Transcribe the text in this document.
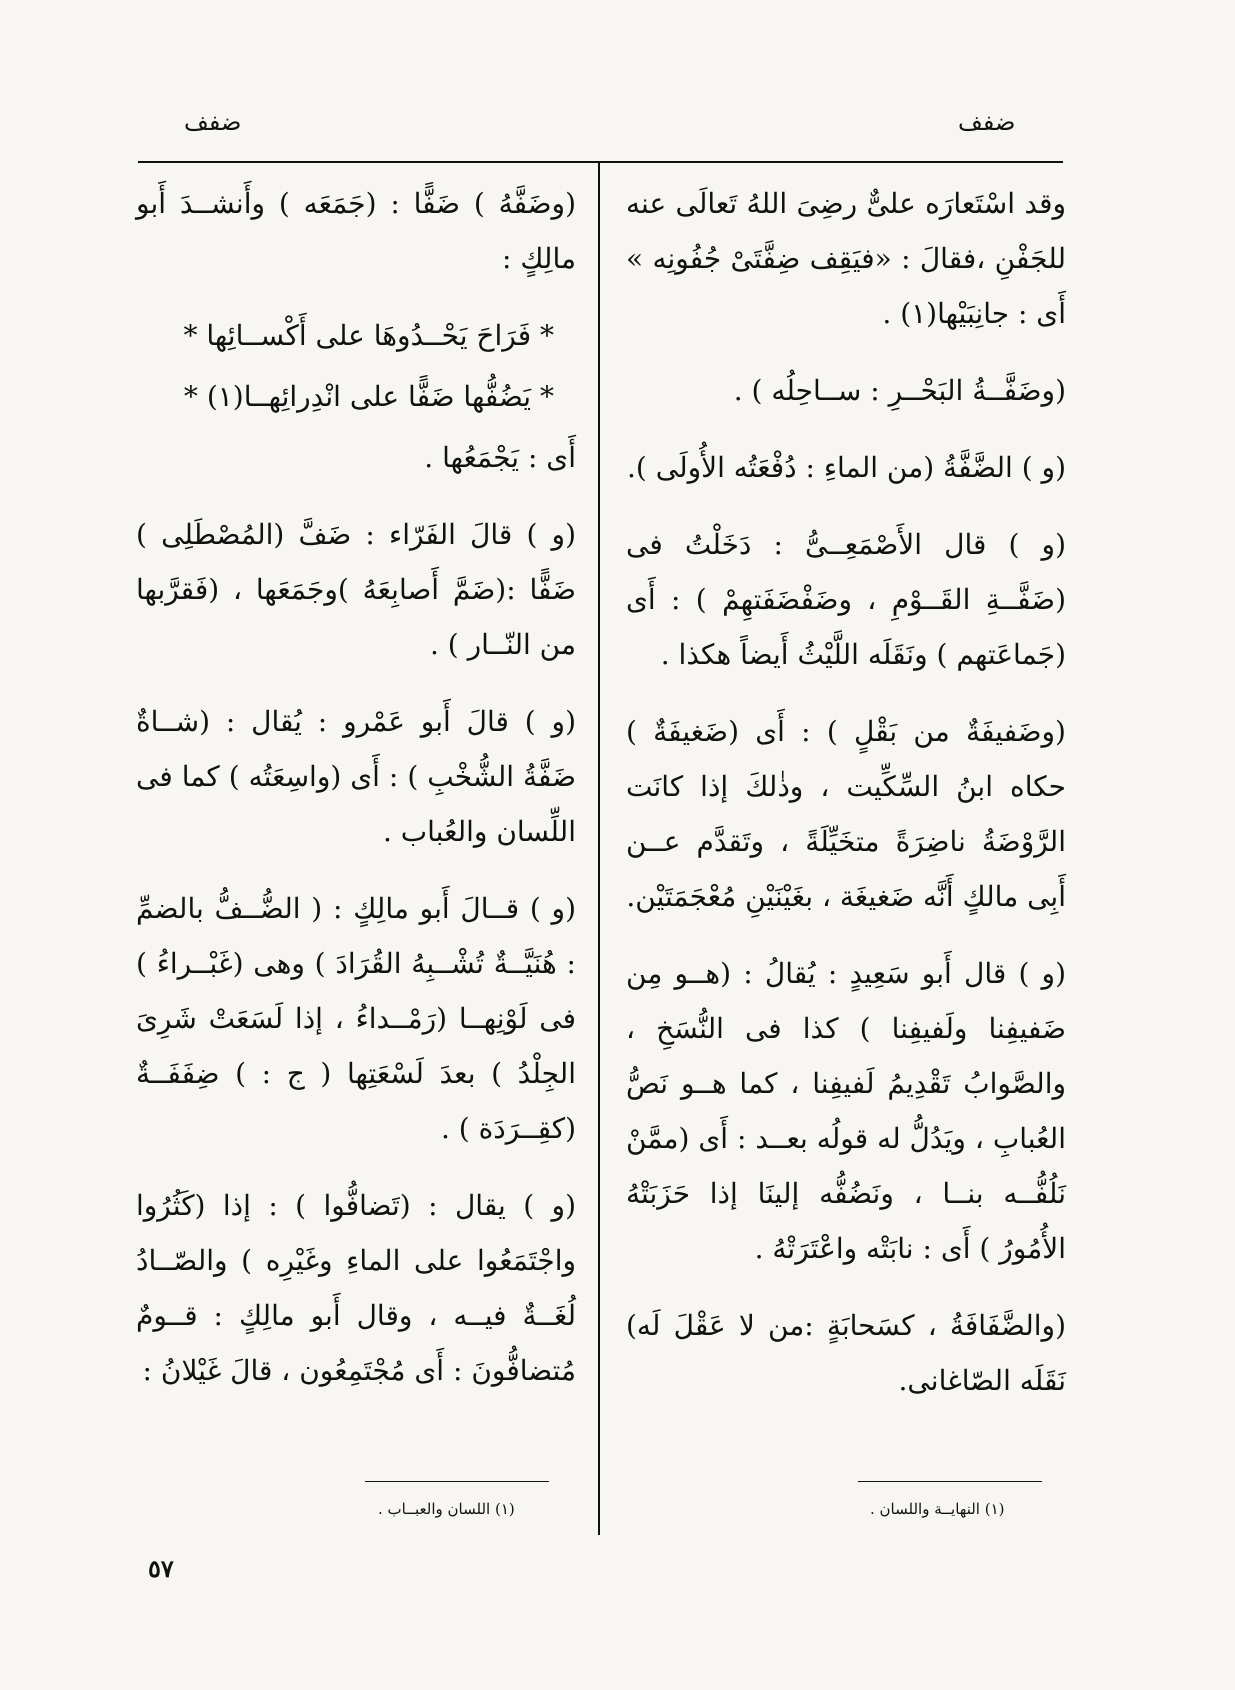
ضفف
ضفف

وقد اسْتَعارَه علىٌّ رضِىَ اللهُ تَعالَى عنه للجَفْنِ ،فقالَ : «فيَقِف ضِفَّتَىْ جُفُونِه » أَى : جانِبَيْها(١) .

(وضَفَّــةُ البَحْــرِ : ســاحِلُه ) .

(و ) الضَّفَّةُ (من الماءِ : دُفْعَتُه الأُولَى ).

(و ) قال الأَصْمَعِــىُّ : دَخَلْتُ فى (ضَفَّــةِ القَــوْمِ ، وضَفْضَفَتهِمْ ) : أَى (جَماعَتهم ) ونَقَلَه اللَّيْثُ أَيضاً هكذا .

(وضَفيفَةٌ من بَقْلٍ ) : أَى (ضَغيفَةٌ ) حكاه ابنُ السِّكِّيت ، وذٰلكَ إذا كانَت الرَّوْضَةُ ناضِرَةً متخَيِّلَةً ، وتَقدَّم عــن أَبِى مالكٍ أَنَّه ضَغيغَة ، بغَيْنَيْنِ مُعْجَمَتَيْن.

(و ) قال أَبو سَعِيدٍ : يُقالُ : (هــو مِن ضَفيفِنا ولَفيفِنا ) كذا فى النُّسَخِ ، والصَّوابُ تَقْدِيمُ لَفيفِنا ، كما هــو نَصُّ العُبابِ ، ويَدُلُّ له قولُه بعــد : أَى (ممَّنْ نَلُفُّــه بنــا ، ونَضُفُّه إلينَا إذا حَزَبَتْهُ الأُمُورُ ) أَى : نابَتْه واعْتَرَتْهُ .

(والضَّفَافَةُ ، كسَحابَةٍ :من لا عَقْلَ لَه) نَقَلَه الصّاغانى.

(وضَفَّهُ ) ضَفًّا : (جَمَعَه ) وأَنشــدَ أَبو مالِكٍ :

* فَرَاحَ يَحْــدُوهَا على أَكْســائِها *

* يَضُفُّها ضَفًّا على انْدِرائِهــا(١) *

أَى : يَجْمَعُها .

(و ) قالَ الفَرّاء : ضَفَّ (المُصْطَلِى ) ضَفًّا :(ضَمَّ أَصابِعَهُ )وجَمَعَها ، (فَقرَّبها من النّــار ) .

(و ) قالَ أَبو عَمْرو : يُقال : (شــاةٌ ضَفَّةُ الشُّخْبِ ) : أَى (واسِعَتُه ) كما فى اللِّسان والعُباب .

(و ) قــالَ أَبو مالِكٍ : ( الضُّــفُّ بالضمِّ : هُنَيَّــةٌ تُشْــبِهُ القُرَادَ ) وهى (غَبْــراءُ ) فى لَوْنِهــا (رَمْــداءُ ، إذا لَسَعَتْ شَرِىَ الجِلْدُ ) بعدَ لَسْعَتِها ( ج : ) ضِفَفَــةٌ (كقِــرَدَة ) .

(و ) يقال : (تَضافُّوا ) : إذا (كَثُرُوا واجْتَمَعُوا على الماءِ وغَيْرِه ) والصّــادُ لُغَــةٌ فيــه ، وقال أَبو مالِكٍ : قــومٌ مُتضافُّونَ : أَى مُجْتَمِعُون ، قالَ غَيْلانُ :

(١) النهايــة واللسان .
(١) اللسان والعبــاب .
٥٧
